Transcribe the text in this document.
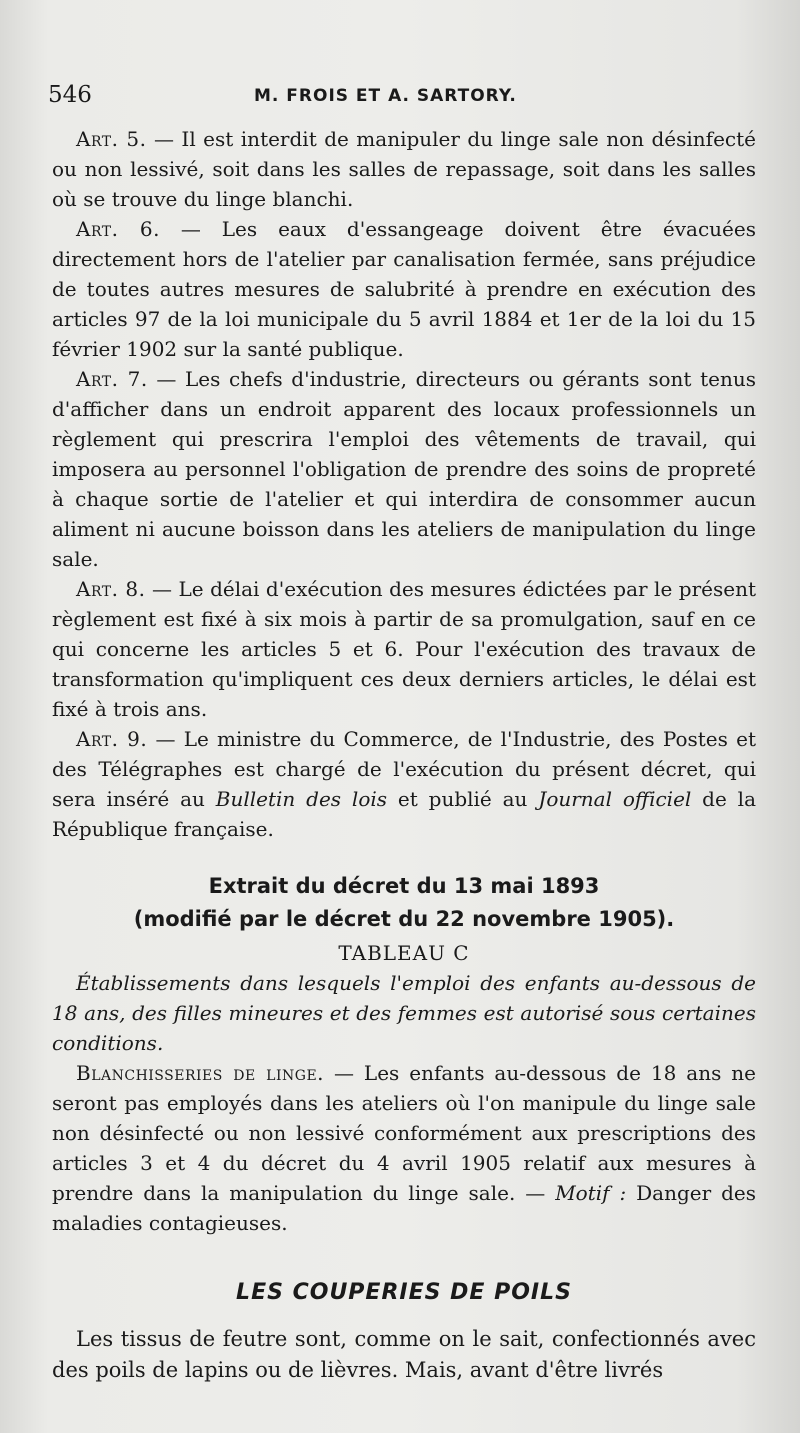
546	M. FROIS ET A. SARTORY.

Art. 5. — Il est interdit de manipuler du linge sale non désinfecté ou non lessivé, soit dans les salles de repassage, soit dans les salles où se trouve du linge blanchi.

Art. 6. — Les eaux d'essangeage doivent être évacuées directement hors de l'atelier par canalisation fermée, sans préjudice de toutes autres mesures de salubrité à prendre en exécution des articles 97 de la loi municipale du 5 avril 1884 et 1er de la loi du 15 février 1902 sur la santé publique.

Art. 7. — Les chefs d'industrie, directeurs ou gérants sont tenus d'afficher dans un endroit apparent des locaux professionnels un règlement qui prescrira l'emploi des vêtements de travail, qui imposera au personnel l'obligation de prendre des soins de propreté à chaque sortie de l'atelier et qui interdira de consommer aucun aliment ni aucune boisson dans les ateliers de manipulation du linge sale.

Art. 8. — Le délai d'exécution des mesures édictées par le présent règlement est fixé à six mois à partir de sa promulgation, sauf en ce qui concerne les articles 5 et 6. Pour l'exécution des travaux de transformation qu'impliquent ces deux derniers articles, le délai est fixé à trois ans.

Art. 9. — Le ministre du Commerce, de l'Industrie, des Postes et des Télégraphes est chargé de l'exécution du présent décret, qui sera inséré au Bulletin des lois et publié au Journal officiel de la République française.

Extrait du décret du 13 mai 1893
(modifié par le décret du 22 novembre 1905).
TABLEAU C

Établissements dans lesquels l'emploi des enfants au-dessous de 18 ans, des filles mineures et des femmes est autorisé sous certaines conditions.

Blanchisseries de linge. — Les enfants au-dessous de 18 ans ne seront pas employés dans les ateliers où l'on manipule du linge sale non désinfecté ou non lessivé conformément aux prescriptions des articles 3 et 4 du décret du 4 avril 1905 relatif aux mesures à prendre dans la manipulation du linge sale. — Motif : Danger des maladies contagieuses.

LES COUPERIES DE POILS

Les tissus de feutre sont, comme on le sait, confectionnés avec des poils de lapins ou de lièvres. Mais, avant d'être livrés
